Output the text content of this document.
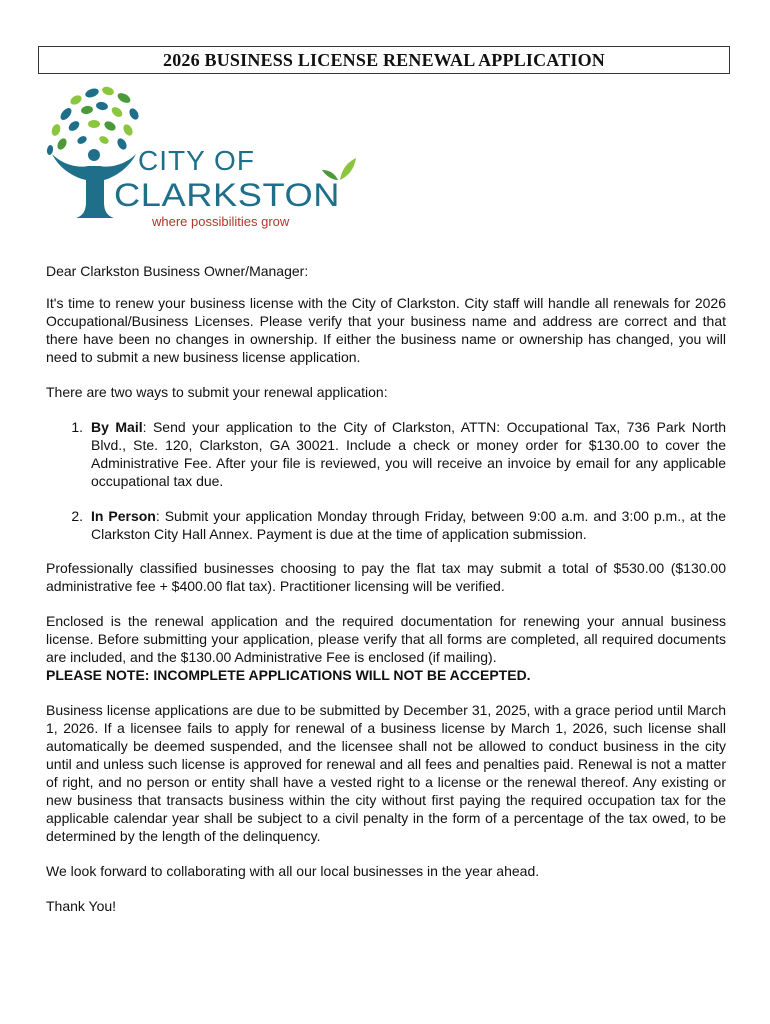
2026 BUSINESS LICENSE RENEWAL APPLICATION
CITY OF
CLARKSTON
where possibilities grow

Dear Clarkston Business Owner/Manager:

It's time to renew your business license with the City of Clarkston. City staff will handle all renewals for 2026 Occupational/Business Licenses. Please verify that your business name and address are correct and that there have been no changes in ownership. If either the business name or ownership has changed, you will need to submit a new business license application.

There are two ways to submit your renewal application:

1. By Mail: Send your application to the City of Clarkston, ATTN: Occupational Tax, 736 Park North Blvd., Ste. 120, Clarkston, GA 30021. Include a check or money order for $130.00 to cover the Administrative Fee. After your file is reviewed, you will receive an invoice by email for any applicable occupational tax due.
2. In Person: Submit your application Monday through Friday, between 9:00 a.m. and 3:00 p.m., at the Clarkston City Hall Annex. Payment is due at the time of application submission.

Professionally classified businesses choosing to pay the flat tax may submit a total of $530.00 ($130.00 administrative fee + $400.00 flat tax). Practitioner licensing will be verified.

Enclosed is the renewal application and the required documentation for renewing your annual business license. Before submitting your application, please verify that all forms are completed, all required documents are included, and the $130.00 Administrative Fee is enclosed (if mailing).
PLEASE NOTE: INCOMPLETE APPLICATIONS WILL NOT BE ACCEPTED.

Business license applications are due to be submitted by December 31, 2025, with a grace period until March 1, 2026. If a licensee fails to apply for renewal of a business license by March 1, 2026, such license shall automatically be deemed suspended, and the licensee shall not be allowed to conduct business in the city until and unless such license is approved for renewal and all fees and penalties paid. Renewal is not a matter of right, and no person or entity shall have a vested right to a license or the renewal thereof. Any existing or new business that transacts business within the city without first paying the required occupation tax for the applicable calendar year shall be subject to a civil penalty in the form of a percentage of the tax owed, to be determined by the length of the delinquency.

We look forward to collaborating with all our local businesses in the year ahead.

Thank You!
